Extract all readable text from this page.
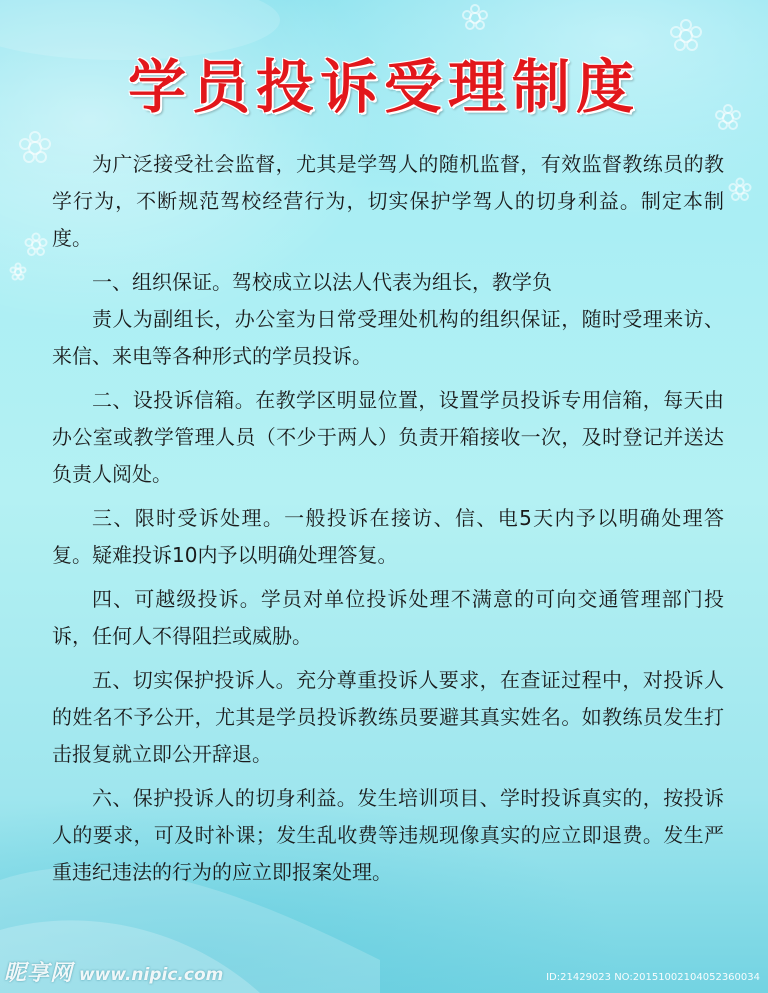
学员投诉受理制度

为广泛接受社会监督，尤其是学驾人的随机监督，有效监督教练员的教学行为，不断规范驾校经营行为，切实保护学驾人的切身利益。制定本制度。

一、组织保证。驾校成立以法人代表为组长，教学负

责人为副组长，办公室为日常受理处机构的组织保证，随时受理来访、来信、来电等各种形式的学员投诉。

二、设投诉信箱。在教学区明显位置，设置学员投诉专用信箱，每天由办公室或教学管理人员（不少于两人）负责开箱接收一次，及时登记并送达负责人阅处。

三、限时受诉处理。一般投诉在接访、信、电5天内予以明确处理答复。疑难投诉10内予以明确处理答复。

四、可越级投诉。学员对单位投诉处理不满意的可向交通管理部门投诉，任何人不得阻拦或威胁。

五、切实保护投诉人。充分尊重投诉人要求，在查证过程中，对投诉人的姓名不予公开，尤其是学员投诉教练员要避其真实姓名。如教练员发生打击报复就立即公开辞退。

六、保护投诉人的切身利益。发生培训项目、学时投诉真实的，按投诉人的要求，可及时补课；发生乱收费等违规现像真实的应立即退费。发生严重违纪违法的行为的应立即报案处理。

昵享网 www.nipic.com	ID:21429023 NO:20151002104052360034
